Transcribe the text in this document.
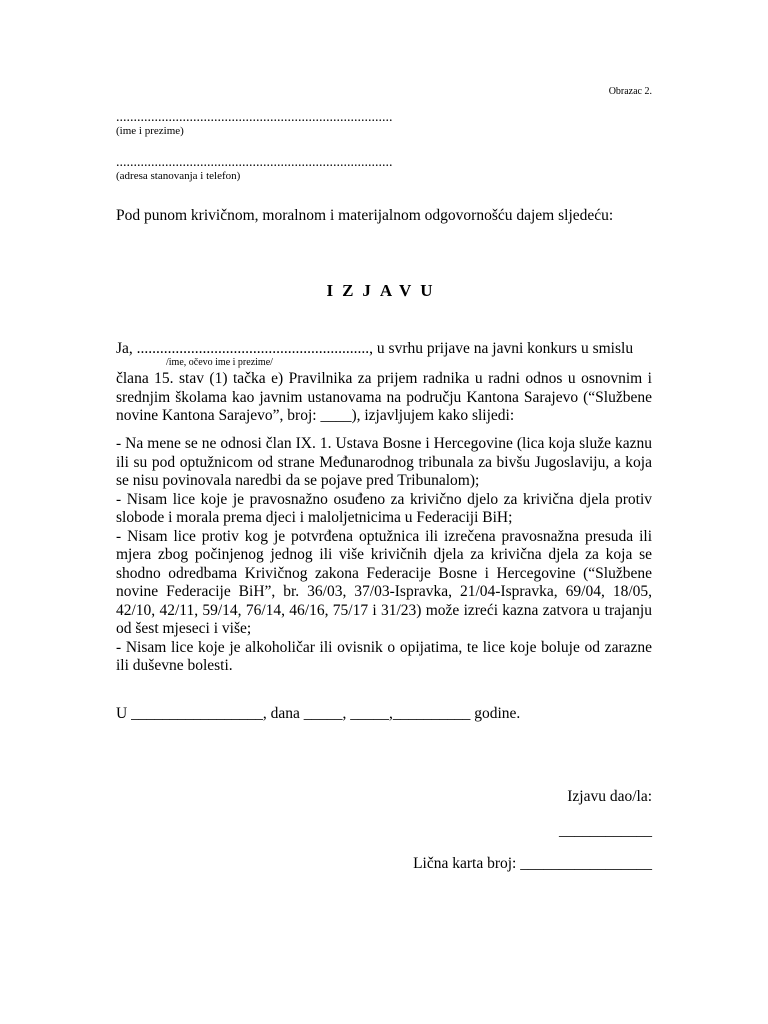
Obrazac 2.
...............................................................................
(ime i prezime)
...............................................................................
(adresa stanovanja i telefon)
Pod punom krivičnom, moralnom i materijalnom odgovornošću dajem sljedeću:
IZJAVU
Ja, ............................................................, u svrhu prijave na javni konkurs u smislu
/ime, očevo ime i prezime/
člana 15. stav (1) tačka e) Pravilnika za prijem radnika u radni odnos u osnovnim i
srednjim školama kao javnim ustanovama na području Kantona Sarajevo (“Službene
novine Kantona Sarajevo”, broj: ____), izjavljujem kako slijedi:
- Na mene se ne odnosi član IX. 1. Ustava Bosne i Hercegovine (lica koja služe kaznu
ili su pod optužnicom od strane Međunarodnog tribunala za bivšu Jugoslaviju, a koja
se nisu povinovala naredbi da se pojave pred Tribunalom);
- Nisam lice koje je pravosnažno osuđeno za krivično djelo za krivična djela protiv
slobode i morala prema djeci i maloljetnicima u Federaciji BiH;
- Nisam lice protiv kog je potvrđena optužnica ili izrečena pravosnažna presuda ili
mjera zbog počinjenog jednog ili više krivičnih djela za krivična djela za koja se
shodno odredbama Krivičnog zakona Federacije Bosne i Hercegovine (“Službene
novine Federacije BiH”, br. 36/03, 37/03-Ispravka, 21/04-Ispravka, 69/04, 18/05,
42/10, 42/11, 59/14, 76/14, 46/16, 75/17 i 31/23) može izreći kazna zatvora u trajanju
od šest mjeseci i više;
- Nisam lice koje je alkoholičar ili ovisnik o opijatima, te lice koje boluje od zarazne
ili duševne bolesti.
U _________________, dana _____, _____,__________ godine.
Izjavu dao/la:
____________
Lična karta broj: _________________
